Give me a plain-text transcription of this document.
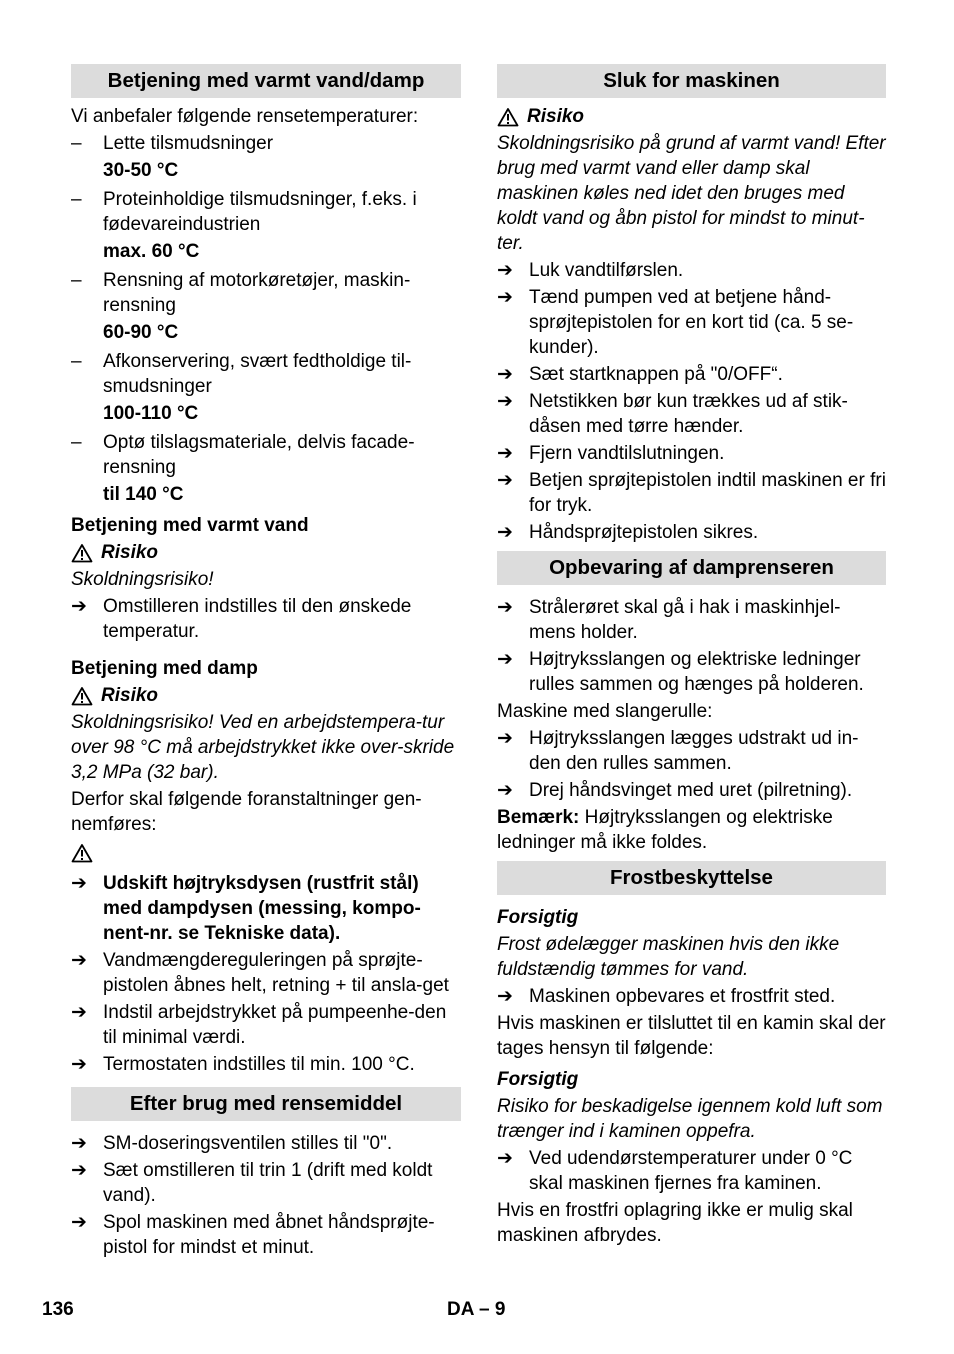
Betjening med varmt vand/damp
Vi anbefaler følgende rensetemperaturer:
–	Lette tilsmudsninger
30-50 °C
–	Proteinholdige tilsmudsninger, f.eks. i fødevareindustrien
max. 60 °C
–	Rensning af motorkøretøjer, maskin-rensning
60-90 °C
–	Afkonservering, svært fedtholdige til-smudsninger
100-110 °C
–	Optø tilslagsmateriale, delvis facade-rensning
til 140 °C
Betjening med varmt vand
Risiko
Skoldningsrisiko!
➔ Omstilleren indstilles til den ønskede temperatur.
Betjening med damp
Risiko
Skoldningsrisiko! Ved en arbejdstempera-tur over 98 °C må arbejdstrykket ikke over-skride 3,2 MPa (32 bar).
Derfor skal følgende foranstaltninger gen-nemføres:
➔ Udskift højtryksdysen (rustfrit stål) med dampdysen (messing, kompo-nent-nr. se Tekniske data).
➔ Vandmængdereguleringen på sprøjte-pistolen åbnes helt, retning + til ansla-get
➔ Indstil arbejdstrykket på pumpeenhe-den til minimal værdi.
➔ Termostaten indstilles til min. 100 °C.
Efter brug med rensemiddel
➔ SM-doseringsventilen stilles til "0".
➔ Sæt omstilleren til trin 1 (drift med koldt vand).
➔ Spol maskinen med åbnet håndsprøjte-pistol for mindst et minut.
Sluk for maskinen
Risiko
Skoldningsrisiko på grund af varmt vand! Efter brug med varmt vand eller damp skal maskinen køles ned idet den bruges med koldt vand og åbn pistol for mindst to minut-ter.
➔ Luk vandtilførslen.
➔ Tænd pumpen ved at betjene hånd-sprøjtepistolen for en kort tid (ca. 5 se-kunder).
➔ Sæt startknappen på "0/OFF“.
➔ Netstikken bør kun trækkes ud af stik-dåsen med tørre hænder.
➔ Fjern vandtilslutningen.
➔ Betjen sprøjtepistolen indtil maskinen er fri for tryk.
➔ Håndsprøjtepistolen sikres.
Opbevaring af damprenseren
➔ Strålerøret skal gå i hak i maskinhjel-mens holder.
➔ Højtryksslangen og elektriske ledninger rulles sammen og hænges på holderen.
Maskine med slangerulle:
➔ Højtryksslangen lægges udstrakt ud in-den den rulles sammen.
➔ Drej håndsvinget med uret (pilretning).
Bemærk: Højtryksslangen og elektriske ledninger må ikke foldes.
Frostbeskyttelse
Forsigtig
Frost ødelægger maskinen hvis den ikke fuldstændig tømmes for vand.
➔ Maskinen opbevares et frostfrit sted.
Hvis maskinen er tilsluttet til en kamin skal der tages hensyn til følgende:
Forsigtig
Risiko for beskadigelse igennem kold luft som trænger ind i kaminen oppefra.
➔ Ved udendørstemperaturer under 0 °C skal maskinen fjernes fra kaminen.
Hvis en frostfri oplagring ikke er mulig skal maskinen afbrydes.
136	DA – 9
